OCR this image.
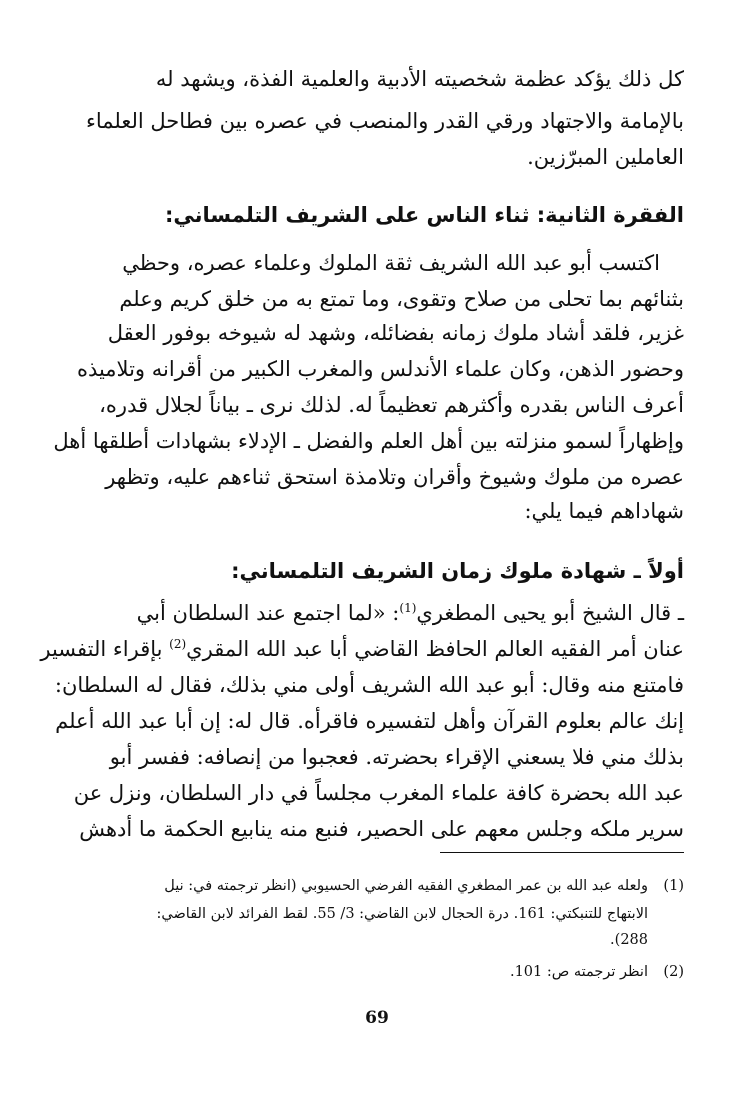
كل ذلك يؤكد عظمة شخصيته الأدبية والعلمية الفذة، ويشهد له
بالإمامة والاجتهاد ورقي القدر والمنصب في عصره بين فطاحل العلماء
العاملين المبرّزين.
الفقرة الثانية: ثناء الناس على الشريف التلمساني:
اكتسب أبو عبد الله الشريف ثقة الملوك وعلماء عصره، وحظي
بثنائهم بما تحلى من صلاح وتقوى، وما تمتع به من خلق كريم وعلم
غزير، فلقد أشاد ملوك زمانه بفضائله، وشهد له شيوخه بوفور العقل
وحضور الذهن، وكان علماء الأندلس والمغرب الكبير من أقرانه وتلاميذه
أعرف الناس بقدره وأكثرهم تعظيماً له. لذلك نرى ـ بياناً لجلال قدره،
وإظهاراً لسمو منزلته بين أهل العلم والفضل ـ الإدلاء بشهادات أطلقها أهل
عصره من ملوك وشيوخ وأقران وتلامذة استحق ثناءهم عليه، وتظهر
شهاداهم فيما يلي:
أولاً ـ شهادة ملوك زمان الشريف التلمساني:
ـ قال الشيخ أبو يحيى المطغري$^{(1)}$: «لما اجتمع عند السلطان أبي
عنان أمر الفقيه العالم الحافظ القاضي أبا عبد الله المقري$^{(2)}$ بإقراء التفسير
فامتنع منه وقال: أبو عبد الله الشريف أولى مني بذلك، فقال له السلطان:
إنك عالم بعلوم القرآن وأهل لتفسيره فاقرأه. قال له: إن أبا عبد الله أعلم
بذلك مني فلا يسعني الإقراء بحضرته. فعجبوا من إنصافه: ففسر أبو
عبد الله بحضرة كافة علماء المغرب مجلساً في دار السلطان، ونزل عن
سرير ملكه وجلس معهم على الحصير، فنبع منه ينابيع الحكمة ما أدهش
(1)ولعله عبد الله بن عمر المطغري الفقيه الفرضي الحسيوبي (انظر ترجمته في: نيل
الابتهاج للتنبكتي: 161. درة الحجال لابن القاضي: 3/ 55. لقط الفرائد لابن القاضي:
288).
(2)انظر ترجمته ص: 101.
69
